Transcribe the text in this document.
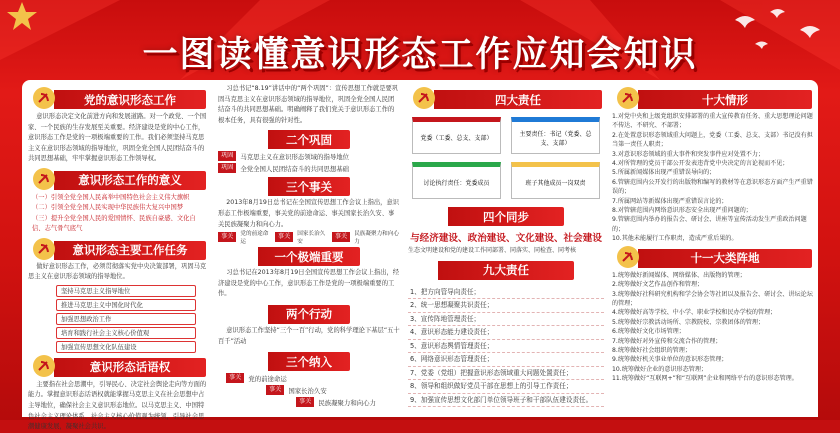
一图读懂意识形态工作应知会知识
党的意识形态工作
意识形态决定文化前进方向和发展道路。对一个政党、一个国家、一个民族的生存发展至关重要。经济建设是党的中心工作，意识形态工作是党的一项极端重要的工作。我们必须坚持马克思主义在意识形态领域的指导地位，巩固全党全国人民团结奋斗的共同思想基础，牢牢掌握意识形态工作领导权。
意识形态工作的意义
（一）引领全党全国人民高举中国特色社会主义伟大旗帜
（二）引领全党全国人民实现中华民族伟大复兴中国梦
（三）提升全党全国人民的爱国情怀、民族自豪感、文化自信、志气骨气底气
意识形态主要工作任务
做好意识形态工作，必须贯彻落实党中央决策部署，巩固马克思主义在意识形态领域的指导地位。
坚持马克思主义指导地位
推进马克思主义中国化时代化
加强思想政治工作
培育和践行社会主义核心价值观
加强宣传思想文化队伍建设
意识形态话语权
主要指在社会思潮中，引导民心、决定社会舆论走向等方面的能力。掌握意识形态话语权就能掌握马克思主义在社会思想中占主导地位，确保社会主义意识形态地位。以马克思主义、中国特色社会主义理论体系、社会主义核心价值观为统领，引导社会思潮健康发展，凝聚社会共识。
习总书记“8.19”讲话中的“两个巩固”：宣传思想工作就是要巩固马克思主义在意识形态领域的指导地位，巩固全党全国人民团结奋斗的共同思想基础。明确阐释了我们党关于意识形态工作的根本任务，具有很强的针对性。
二个巩固
巩固	马克思主义在意识形态领域的指导地位
巩固	全党全国人民团结奋斗的共同思想基础
三个事关
2013年8月19日总书记在全国宣传思想工作会议上指出，意识形态工作极端重要，事关党的前途命运、事关国家长治久安、事关民族凝聚力和向心力。
事关	党的前途命运
事关	国家长治久安
事关	民族凝聚力和向心力
一个极端重要
习总书记在2013年8月19日全国宣传思想工作会议上指出，经济建设是党的中心工作，意识形态工作是党的一项极端重要的工作。
两个行动
意识形态工作坚持“三个一百”行动，党的科学理论下基层“五十百千”活动
三个纳入
事关	党的前途命运
事关	国家长治久安
事关	民族凝聚力和向心力
四大责任
党委（工委、总支、支部）
主要责任：书记（党委、总支、支部）
讨论执行责任：党委成员	班子其他成员一岗双责
四个同步
与经济建设、政治建设、文化建设、社会建设
生态文明建设和党的建设工作同部署、同落实、同检查、同考核
九大责任
1、把方向管导向责任；
2、统一思想凝聚共识责任；
3、宣传阵地管理责任；
4、意识形态能力建设责任；
5、意识形态舆情管理责任；
6、网络意识形态管理责任；
7、党委（党组）把握意识形态领域重大问题处置责任；
8、领导和组织做好党员干部在思想上的引导工作责任；
9、加强宣传思想文化部门单位领导班子和干部队伍建设责任。
十大情形
1.对党中央和上级党组织安排部署的重大宣传教育任务、重大思想理论问题不传达、不研究、不部署；
2.在处置意识形态领域重大问题上，党委（工委、总支、支部）书记没有担当第一责任人职责；
3.对意识形态领域的重大事件和突发事件应对处置不力；
4.对所管理的党员干部公开发表违背党中央决定的言论视而不见；
5.所属新闻媒体出现严重错误导向的；
6.管辖范围内公开发行的出版物和编写的教材等在意识形态方面产生严重错误的；
7.所属网站等新媒体出现严重错误言论的；
8.对管辖范围内网络意识形态安全出现严重问题的；
9.管辖范围内举办的报告会、研讨会、讲座等宣传活动发生严重政治问题的；
10.其他未能履行工作职责，造成严重后果的。
十一大类阵地
1.统筹做好新闻媒体、网络媒体、出版物的管理；
2.统筹做好文艺作品创作和管理；
3.统筹做好社科研究机构和学会协会等社团以及报告会、研讨会、讲坛论坛的管理；
4.统筹做好高等学校、中小学、职业学校和民办学校的管理；
5.统筹做好宗教活动场所、宗教院校、宗教团体的管理；
6.统筹做好文化市场管理；
7.统筹做好对外宣传和交流合作的管理；
8.统筹做好社会组织的管理；
9.统筹做好机关事业单位的意识形态管理；
10.统筹做好企业的意识形态管理；
11.统筹做好“互联网+”和“互联网”企业和网络平台的意识形态管理。
